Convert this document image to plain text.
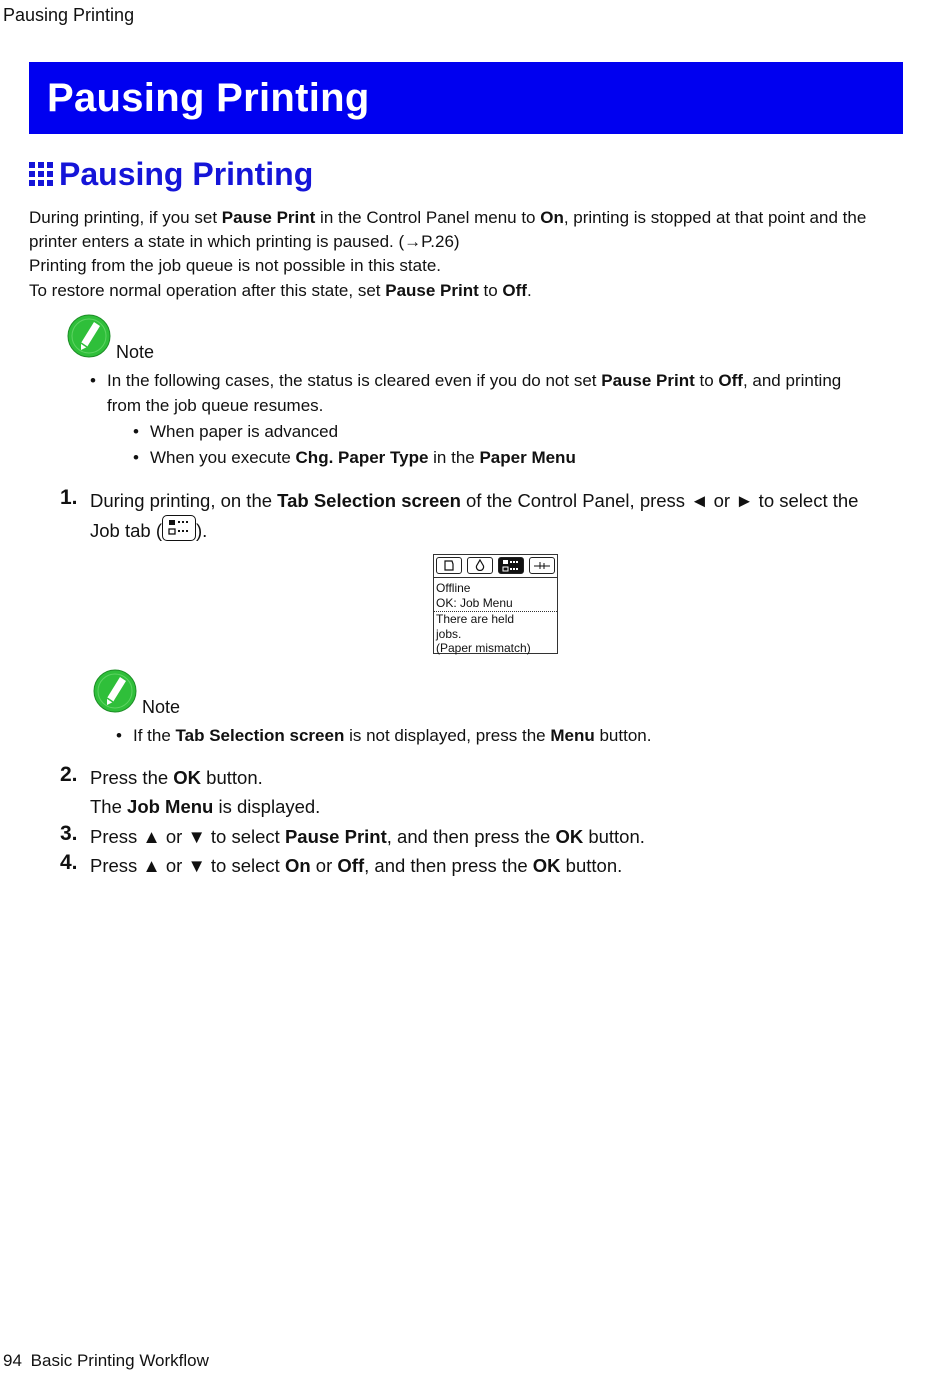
Pausing Printing
Pausing Printing
Pausing Printing

During printing, if you set Pause Print in the Control Panel menu to On, printing is stopped at that point and the

printer enters a state in which printing is paused. (→P.26)

Printing from the job queue is not possible in this state.

To restore normal operation after this state, set Pause Print to Off.

Note
• In the following cases, the status is cleared even if you do not set Pause Print to Off, and printing
from the job queue resumes.
• When paper is advanced
• When you execute Chg. Paper Type in the Paper Menu
1. During printing, on the Tab Selection screen of the Control Panel, press ◄ or ► to select the
Job tab ( ).
Offline
OK: Job Menu
There are held
jobs.
(Paper mismatch)
Note
• If the Tab Selection screen is not displayed, press the Menu button.
2. Press the OK button.
The Job Menu is displayed.
3. Press ▲ or ▼ to select Pause Print, and then press the OK button.
4. Press ▲ or ▼ to select On or Off, and then press the OK button.
94 Basic Printing Workflow
